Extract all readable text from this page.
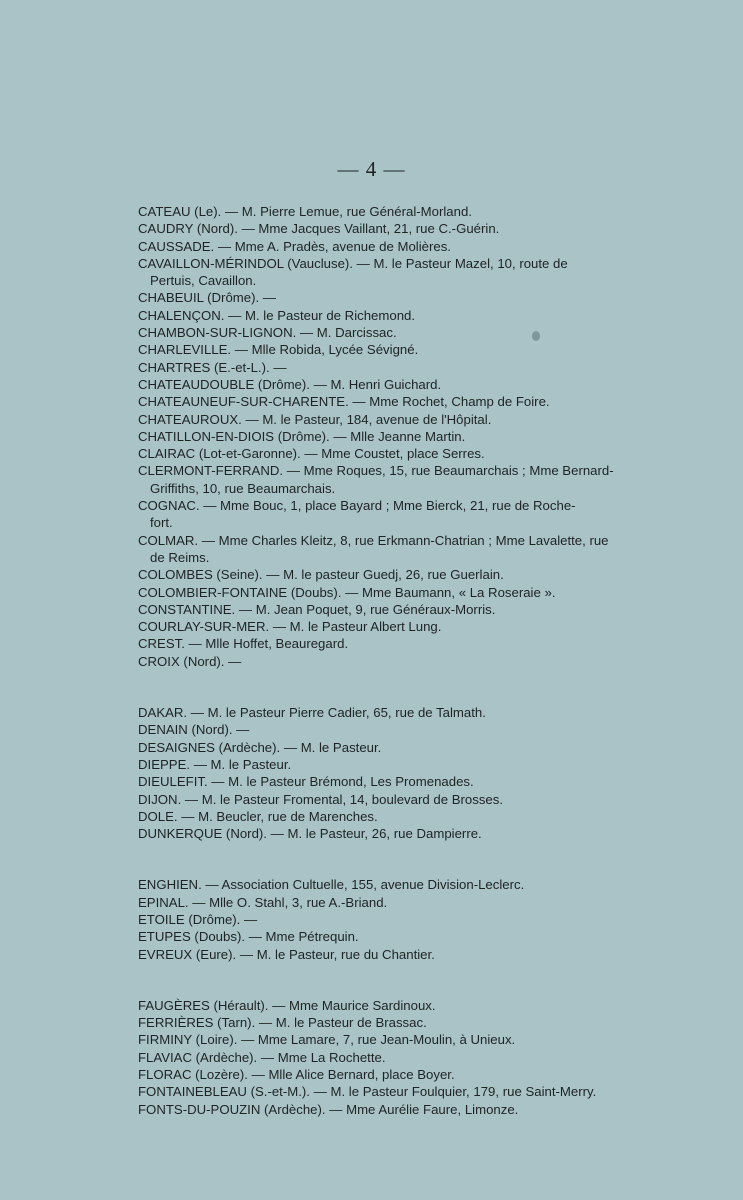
— 4 —
CATEAU (Le). — M. Pierre Lemue, rue Général-Morland.
CAUDRY (Nord). — Mme Jacques Vaillant, 21, rue C.-Guérin.
CAUSSADE. — Mme A. Pradès, avenue de Molières.
CAVAILLON-MÉRINDOL (Vaucluse). — M. le Pasteur Mazel, 10, route de
Pertuis, Cavaillon.
CHABEUIL (Drôme). —
CHALENÇON. — M. le Pasteur de Richemond.
CHAMBON-SUR-LIGNON. — M. Darcissac.
CHARLEVILLE. — Mlle Robida, Lycée Sévigné.
CHARTRES (E.-et-L.). —
CHATEAUDOUBLE (Drôme). — M. Henri Guichard.
CHATEAUNEUF-SUR-CHARENTE. — Mme Rochet, Champ de Foire.
CHATEAUROUX. — M. le Pasteur, 184, avenue de l'Hôpital.
CHATILLON-EN-DIOIS (Drôme). — Mlle Jeanne Martin.
CLAIRAC (Lot-et-Garonne). — Mme Coustet, place Serres.
CLERMONT-FERRAND. — Mme Roques, 15, rue Beaumarchais ; Mme Bernard-
Griffiths, 10, rue Beaumarchais.
COGNAC. — Mme Bouc, 1, place Bayard ; Mme Bierck, 21, rue de Roche-
fort.
COLMAR. — Mme Charles Kleitz, 8, rue Erkmann-Chatrian ; Mme Lavalette, rue
de Reims.
COLOMBES (Seine). — M. le pasteur Guedj, 26, rue Guerlain.
COLOMBIER-FONTAINE (Doubs). — Mme Baumann, « La Roseraie ».
CONSTANTINE. — M. Jean Poquet, 9, rue Généraux-Morris.
COURLAY-SUR-MER. — M. le Pasteur Albert Lung.
CREST. — Mlle Hoffet, Beauregard.
CROIX (Nord). —
DAKAR. — M. le Pasteur Pierre Cadier, 65, rue de Talmath.
DENAIN (Nord). —
DESAIGNES (Ardèche). — M. le Pasteur.
DIEPPE. — M. le Pasteur.
DIEULEFIT. — M. le Pasteur Brémond, Les Promenades.
DIJON. — M. le Pasteur Fromental, 14, boulevard de Brosses.
DOLE. — M. Beucler, rue de Marenches.
DUNKERQUE (Nord). — M. le Pasteur, 26, rue Dampierre.
ENGHIEN. — Association Cultuelle, 155, avenue Division-Leclerc.
EPINAL. — Mlle O. Stahl, 3, rue A.-Briand.
ETOILE (Drôme). —
ETUPES (Doubs). — Mme Pétrequin.
EVREUX (Eure). — M. le Pasteur, rue du Chantier.
FAUGÈRES (Hérault). — Mme Maurice Sardinoux.
FERRIÈRES (Tarn). — M. le Pasteur de Brassac.
FIRMINY (Loire). — Mme Lamare, 7, rue Jean-Moulin, à Unieux.
FLAVIAC (Ardèche). — Mme La Rochette.
FLORAC (Lozère). — Mlle Alice Bernard, place Boyer.
FONTAINEBLEAU (S.-et-M.). — M. le Pasteur Foulquier, 179, rue Saint-Merry.
FONTS-DU-POUZIN (Ardèche). — Mme Aurélie Faure, Limonze.
